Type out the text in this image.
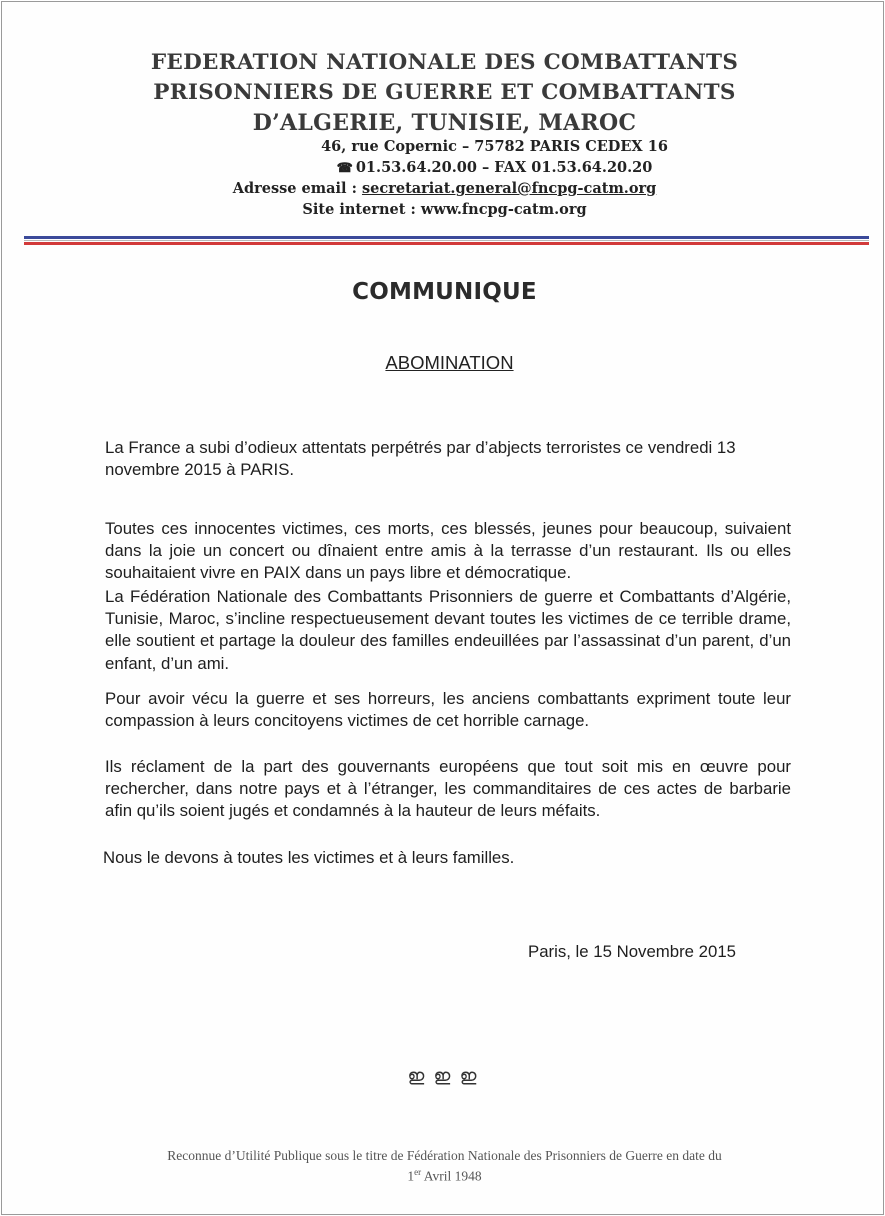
FEDERATION NATIONALE DES COMBATTANTS
PRISONNIERS DE GUERRE ET COMBATTANTS
D’ALGERIE, TUNISIE, MAROC
46, rue Copernic – 75782 PARIS CEDEX 16
☎ 01.53.64.20.00 – FAX 01.53.64.20.20
Adresse email : secretariat.general@fncpg-catm.org
Site internet : www.fncpg-catm.org
COMMUNIQUE
ABOMINATION

La France a subi d’odieux attentats perpétrés par d’abjects terroristes ce vendredi 13 novembre 2015 à PARIS.

Toutes ces innocentes victimes, ces morts, ces blessés, jeunes pour beaucoup, suivaient dans la joie un concert ou dînaient entre amis à la terrasse d’un restaurant. Ils ou elles souhaitaient vivre en PAIX dans un pays libre et démocratique.

La Fédération Nationale des Combattants Prisonniers de guerre et Combattants d’Algérie, Tunisie, Maroc, s’incline respectueusement devant toutes les victimes de ce terrible drame, elle soutient et partage la douleur des familles endeuillées par l’assassinat d’un parent, d’un enfant, d’un ami.

Pour avoir vécu la guerre et ses horreurs, les anciens combattants expriment toute leur compassion à leurs concitoyens victimes de cet horrible carnage.

Ils réclament de la part des gouvernants européens que tout soit mis en œuvre pour rechercher, dans notre pays et à l’étranger, les commanditaires de ces actes de barbarie afin qu’ils soient jugés et condamnés à la hauteur de leurs méfaits.

Nous le devons à toutes les victimes et à leurs familles.

Paris, le 15 Novembre 2015
ഇ ഇ ഇ
Reconnue d’Utilité Publique sous le titre de Fédération Nationale des Prisonniers de Guerre en date du
1er Avril 1948
